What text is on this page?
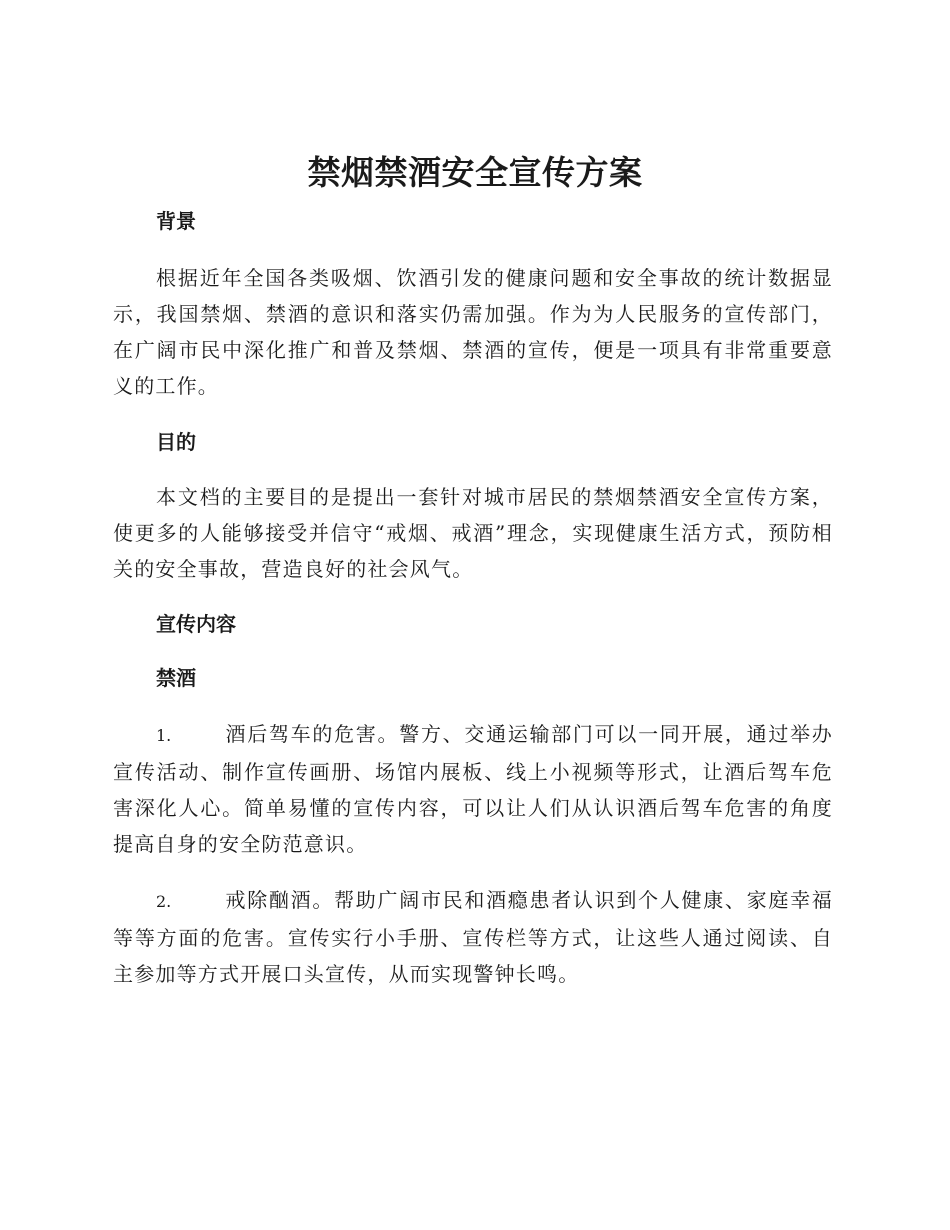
禁烟禁酒安全宣传方案

背景

根据近年全国各类吸烟、饮酒引发的健康问题和安全事故的统计数据显示，我国禁烟、禁酒的意识和落实仍需加强。作为为人民服务的宣传部门，在广阔市民中深化推广和普及禁烟、禁酒的宣传，便是一项具有非常重要意义的工作。

目的

本文档的主要目的是提出一套针对城市居民的禁烟禁酒安全宣传方案，使更多的人能够接受并信守“戒烟、戒酒”理念，实现健康生活方式，预防相关的安全事故，营造良好的社会风气。

宣传内容

禁酒

1.	酒后驾车的危害。警方、交通运输部门可以一同开展，通过举办宣传活动、制作宣传画册、场馆内展板、线上小视频等形式，让酒后驾车危害深化人心。简单易懂的宣传内容，可以让人们从认识酒后驾车危害的角度提高自身的安全防范意识。

2.	戒除酗酒。帮助广阔市民和酒瘾患者认识到个人健康、家庭幸福等等方面的危害。宣传实行小手册、宣传栏等方式，让这些人通过阅读、自主参加等方式开展口头宣传，从而实现警钟长鸣。
